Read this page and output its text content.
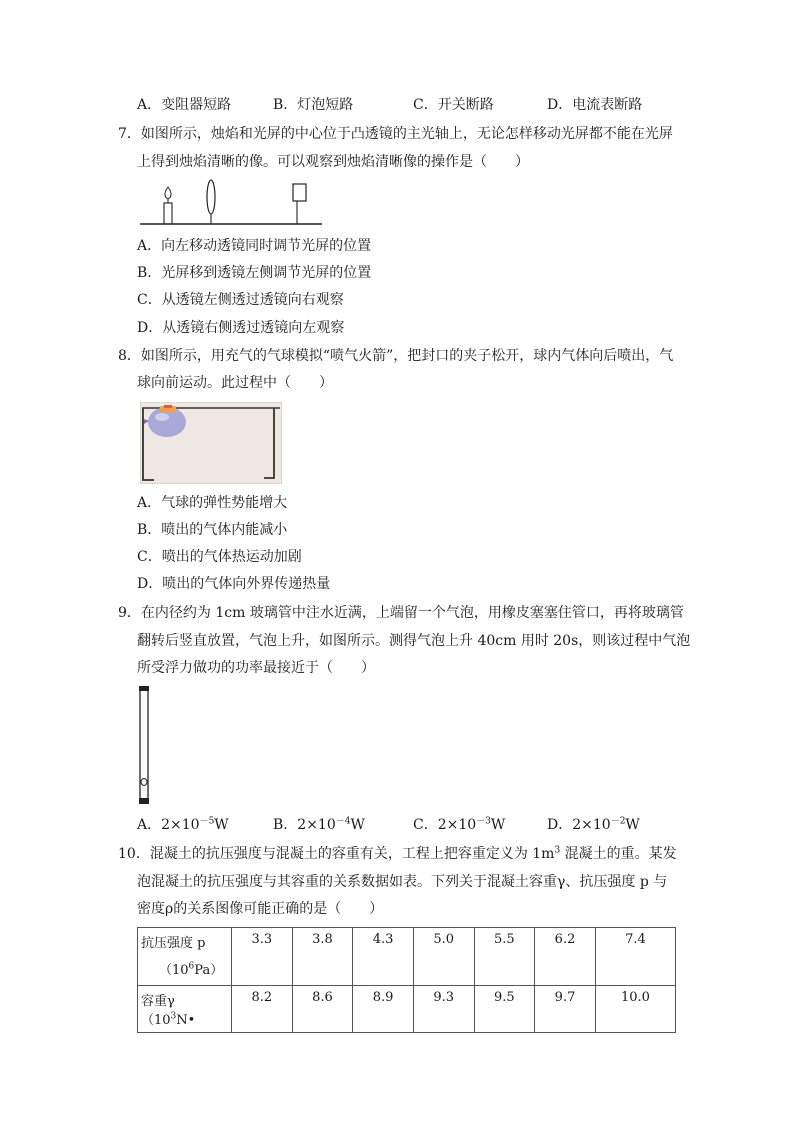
A．变阻器短路	B．灯泡短路	C．开关断路	D．电流表断路
7．如图所示，烛焰和光屏的中心位于凸透镜的主光轴上，无论怎样移动光屏都不能在光屏
上得到烛焰清晰的像。可以观察到烛焰清晰像的操作是（　　）
A．向左移动透镜同时调节光屏的位置
B．光屏移到透镜左侧调节光屏的位置
C．从透镜左侧透过透镜向右观察
D．从透镜右侧透过透镜向左观察
8．如图所示，用充气的气球模拟“喷气火箭”，把封口的夹子松开，球内气体向后喷出，气
球向前运动。此过程中（　　）
A．气球的弹性势能增大
B．喷出的气体内能减小
C．喷出的气体热运动加剧
D．喷出的气体向外界传递热量
9．在内径约为 1cm 玻璃管中注水近满，上端留一个气泡，用橡皮塞塞住管口，再将玻璃管
翻转后竖直放置，气泡上升，如图所示。测得气泡上升 40cm 用时 20s，则该过程中气泡
所受浮力做功的功率最接近于（　　）
A．$2\times 10^{-5}W$	B．$2\times 10^{-4}W$	C．$2\times 10^{-3}W$	D．$2\times 10^{-2}W$
10．混凝土的抗压强度与混凝土的容重有关，工程上把容重定义为 $1m^3$ 混凝土的重。某发
泡混凝土的抗压强度与其容重的关系数据如表。下列关于混凝土容重γ、抗压强度 p 与
密度ρ的关系图像可能正确的是（　　）
抗压强度 p
$(10^6Pa)$	3.3	3.8	4.3	5.0	5.5	6.2	7.4
容重$\gamma(10^3N•$	8.2	8.6	8.9	9.3	9.5	9.7	10.0
